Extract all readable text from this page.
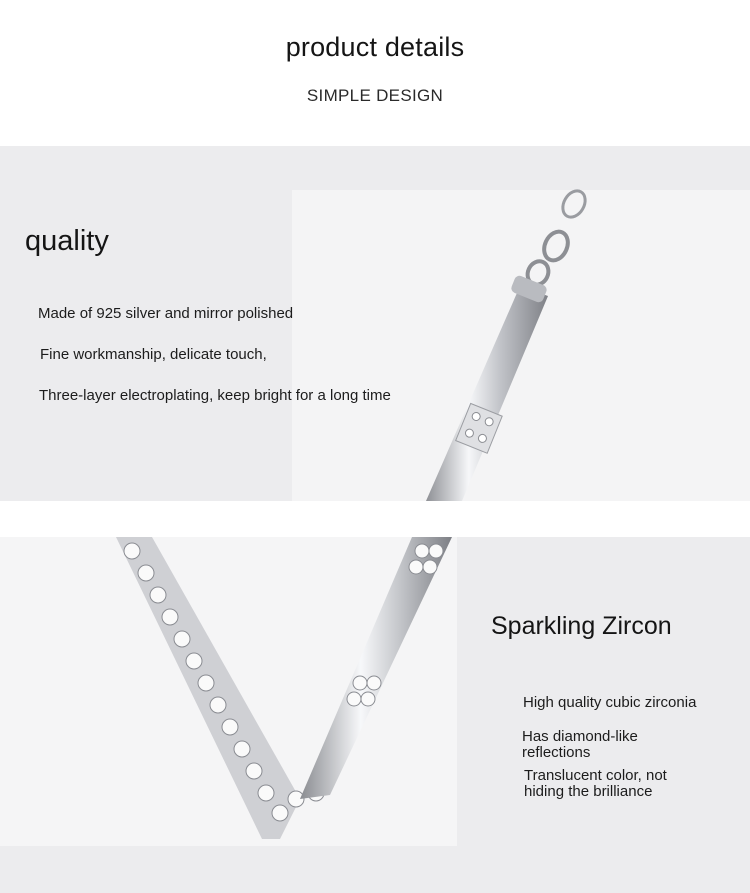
product details
SIMPLE DESIGN
quality
Made of 925 silver and mirror polished
Fine workmanship, delicate touch,
Three-layer electroplating, keep bright for a long time
Sparkling Zircon
High quality cubic zirconia
Has diamond-like reflections
Translucent color, not hiding the brilliance
